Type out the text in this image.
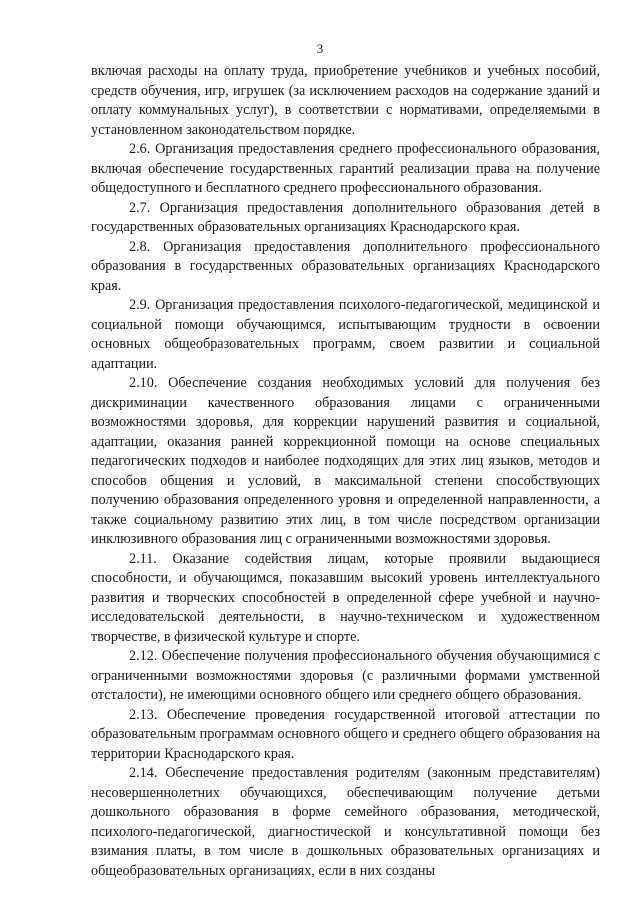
3

включая расходы на оплату труда, приобретение учебников и учебных пособий, средств обучения, игр, игрушек (за исключением расходов на содержание зданий и оплату коммунальных услуг), в соответствии с нормативами, определяемыми в установленном законодательством порядке.

2.6. Организация предоставления среднего профессионального образования, включая обеспечение государственных гарантий реализации права на получение общедоступного и бесплатного среднего профессионального образования.

2.7. Организация предоставления дополнительного образования детей в государственных образовательных организациях Краснодарского края.

2.8. Организация предоставления дополнительного профессионального образования в государственных образовательных организациях Краснодарского края.

2.9. Организация предоставления психолого-педагогической, медицинской и социальной помощи обучающимся, испытывающим трудности в освоении основных общеобразовательных программ, своем развитии и социальной адаптации.

2.10. Обеспечение создания необходимых условий для получения без дискриминации качественного образования лицами с ограниченными возможностями здоровья, для коррекции нарушений развития и социальной, адаптации, оказания ранней коррекционной помощи на основе специальных педагогических подходов и наиболее подходящих для этих лиц языков, методов и способов общения и условий, в максимальной степени способствующих получению образования определенного уровня и определенной направленности, а также социальному развитию этих лиц, в том числе посредством организации инклюзивного образования лиц с ограниченными возможностями здоровья.

2.11. Оказание содействия лицам, которые проявили выдающиеся способности, и обучающимся, показавшим высокий уровень интеллектуального развития и творческих способностей в определенной сфере учебной и научно-исследовательской деятельности, в научно-техническом и художественном творчестве, в физической культуре и спорте.

2.12. Обеспечение получения профессионального обучения обучающимися с ограниченными возможностями здоровья (с различными формами умственной отсталости), не имеющими основного общего или среднего общего образования.

2.13. Обеспечение проведения государственной итоговой аттестации по образовательным программам основного общего и среднего общего образования на территории Краснодарского края.

2.14. Обеспечение предоставления родителям (законным представителям) несовершеннолетних обучающихся, обеспечивающим получение детьми дошкольного образования в форме семейного образования, методической, психолого-педагогической, диагностической и консультативной помощи без взимания платы, в том числе в дошкольных образовательных организациях и общеобразовательных организациях, если в них созданы
